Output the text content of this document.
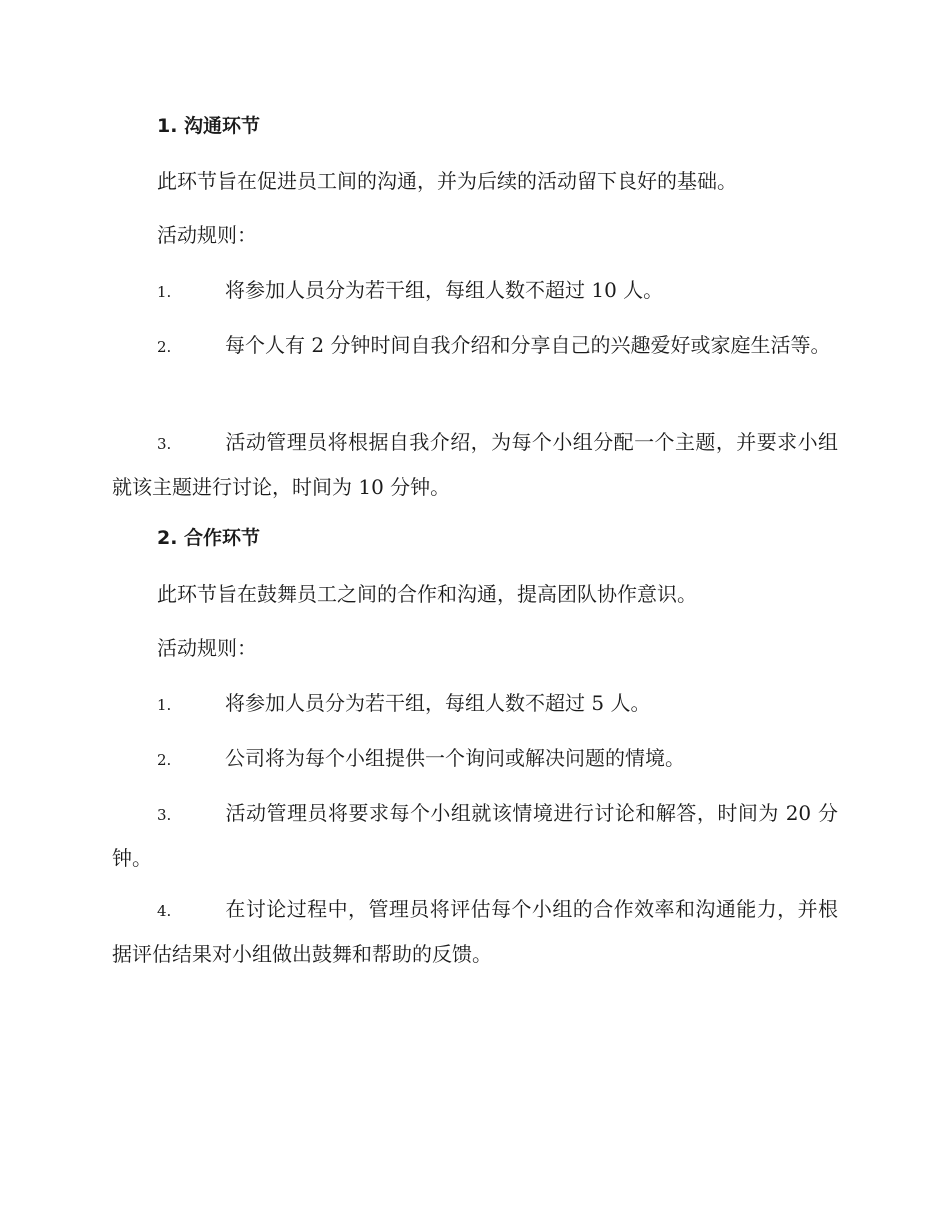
1. 沟通环节
此环节旨在促进员工间的沟通，并为后续的活动留下良好的基础。
活动规则：
1.	将参加人员分为若干组，每组人数不超过 10 人。
2.	每个人有 2 分钟时间自我介绍和分享自己的兴趣爱好或家庭生活等。
3.	活动管理员将根据自我介绍，为每个小组分配一个主题，并要求小组就该主题进行讨论，时间为 10 分钟。
2. 合作环节
此环节旨在鼓舞员工之间的合作和沟通，提高团队协作意识。
活动规则：
1.	将参加人员分为若干组，每组人数不超过 5 人。
2.	公司将为每个小组提供一个询问或解决问题的情境。
3.	活动管理员将要求每个小组就该情境进行讨论和解答，时间为 20 分钟。
4.	在讨论过程中，管理员将评估每个小组的合作效率和沟通能力，并根据评估结果对小组做出鼓舞和帮助的反馈。
